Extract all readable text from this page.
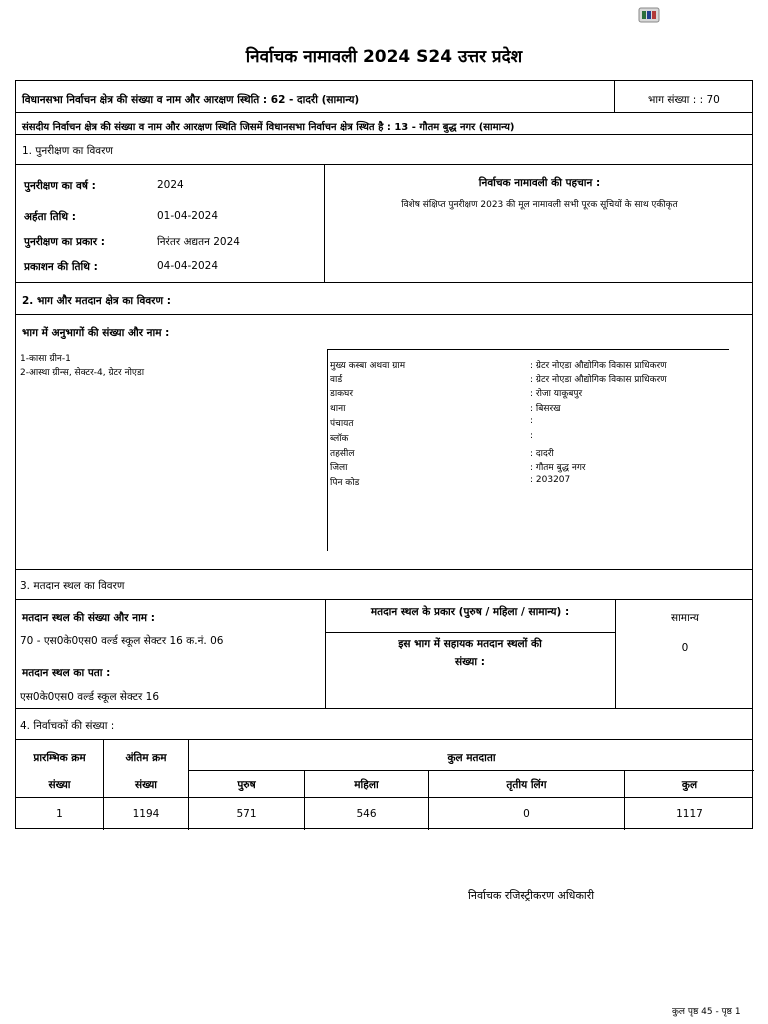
निर्वाचक नामावली 2024 S24 उत्तर प्रदेश
विधानसभा निर्वाचन क्षेत्र की संख्या व नाम और आरक्षण स्थिति : 62 - दादरी (सामान्य)	भाग संख्या : : 70
संसदीय निर्वाचन क्षेत्र की संख्या व नाम और आरक्षण स्थिति जिसमें विधानसभा निर्वाचन क्षेत्र स्थित है : 13 - गौतम बुद्ध नगर (सामान्य)
1. पुनरीक्षण का विवरण
पुनरीक्षण का वर्ष :	2024
अर्हता तिथि :	01-04-2024
पुनरीक्षण का प्रकार :	निरंतर अद्यतन 2024
प्रकाशन की तिथि :	04-04-2024
निर्वाचक नामावली की पहचान :
विशेष संक्षिप्त पुनरीक्षण 2023 की मूल नामावली सभी पूरक सूचियों के साथ एकीकृत
2. भाग और मतदान क्षेत्र का विवरण :
भाग में अनुभागों की संख्या और नाम :
1-कासा ग्रीन-1
2-आस्था ग्रीन्स, सेक्टर-4, ग्रेटर नोएडा
मुख्य कस्बा अथवा ग्राम	: ग्रेटर नोएडा औद्योगिक विकास प्राधिकरण
वार्ड	: ग्रेटर नोएडा औद्योगिक विकास प्राधिकरण
डाकघर	: रोजा याकूबपुर
थाना	: बिसरख
पंचायत	:
ब्लॉक	:
तहसील	: दादरी
जिला	: गौतम बुद्ध नगर
पिन कोड	: 203207
3. मतदान स्थल का विवरण
मतदान स्थल की संख्या और नाम :
70 - एस0के0एस0 वर्ल्ड स्कूल सेक्टर 16 क.नं. 06
मतदान स्थल का पता :
एस0के0एस0 वर्ल्ड स्कूल सेक्टर 16
मतदान स्थल के प्रकार (पुरुष / महिला / सामान्य) :	सामान्य
इस भाग में सहायक मतदान स्थलों की
संख्या :
0
4. निर्वाचकों की संख्या :
प्रारम्भिक क्रम
संख्या
अंतिम क्रम
संख्या
कुल मतदाता
पुरुष	महिला	तृतीय लिंग	कुल
1	1194	571	546	0	1117
निर्वाचक रजिस्ट्रीकरण अधिकारी
कुल पृष्ठ 45 - पृष्ठ 1
